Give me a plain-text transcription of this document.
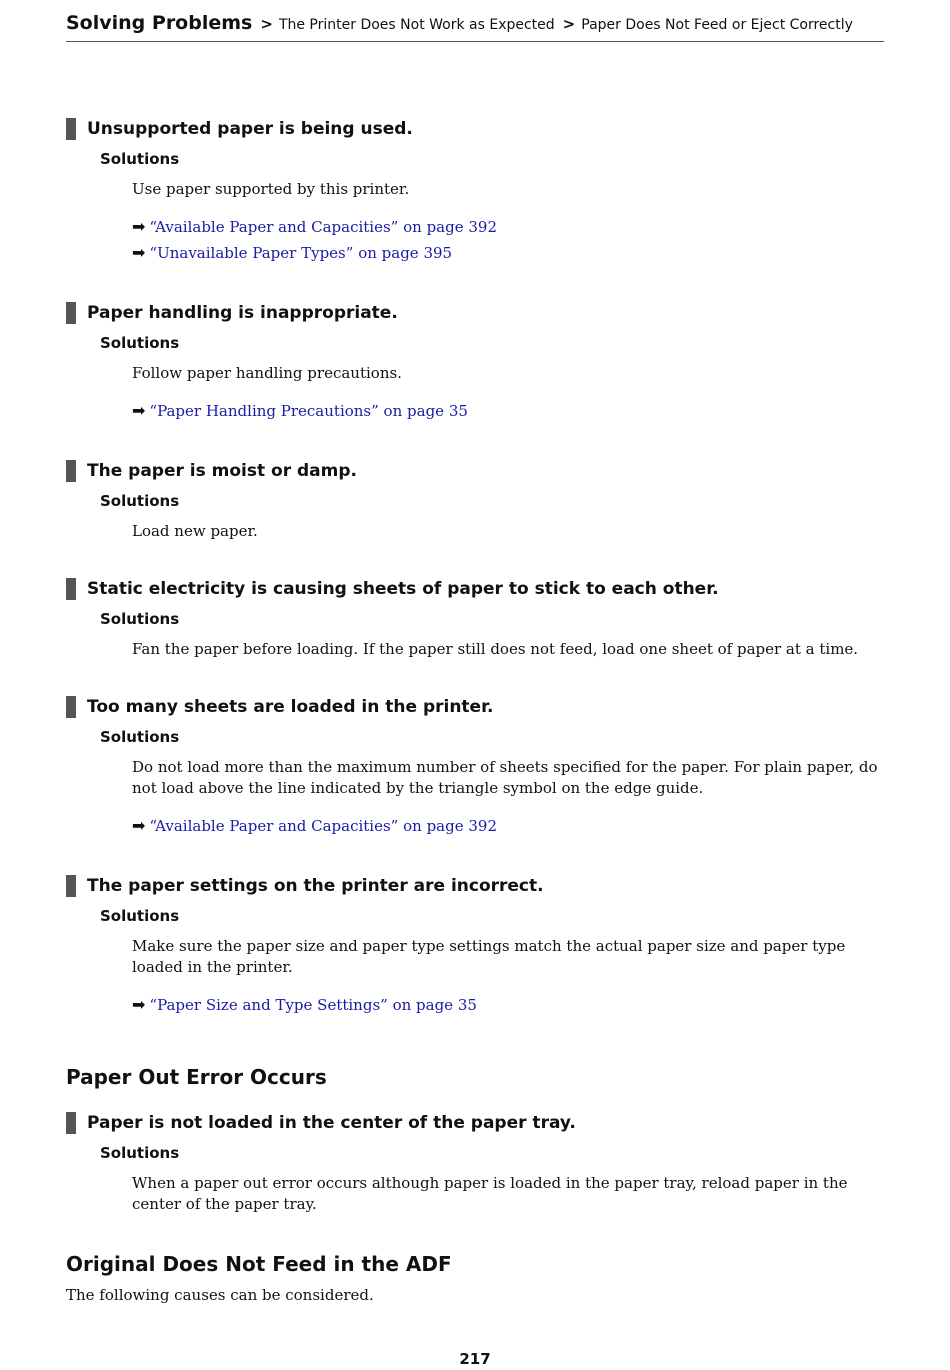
Solving Problems > The Printer Does Not Work as Expected > Paper Does Not Feed or Eject Correctly
Unsupported paper is being used.
Solutions
Use paper supported by this printer.
➡ “Available Paper and Capacities” on page 392
➡ “Unavailable Paper Types” on page 395
Paper handling is inappropriate.
Solutions
Follow paper handling precautions.
➡ “Paper Handling Precautions” on page 35
The paper is moist or damp.
Solutions
Load new paper.
Static electricity is causing sheets of paper to stick to each other.
Solutions
Fan the paper before loading. If the paper still does not feed, load one sheet of paper at a time.
Too many sheets are loaded in the printer.
Solutions
Do not load more than the maximum number of sheets specified for the paper. For plain paper, do not load above the line indicated by the triangle symbol on the edge guide.
➡ “Available Paper and Capacities” on page 392
The paper settings on the printer are incorrect.
Solutions
Make sure the paper size and paper type settings match the actual paper size and paper type loaded in the printer.
➡ “Paper Size and Type Settings” on page 35
Paper Out Error Occurs
Paper is not loaded in the center of the paper tray.
Solutions
When a paper out error occurs although paper is loaded in the paper tray, reload paper in the center of the paper tray.
Original Does Not Feed in the ADF
The following causes can be considered.
217
